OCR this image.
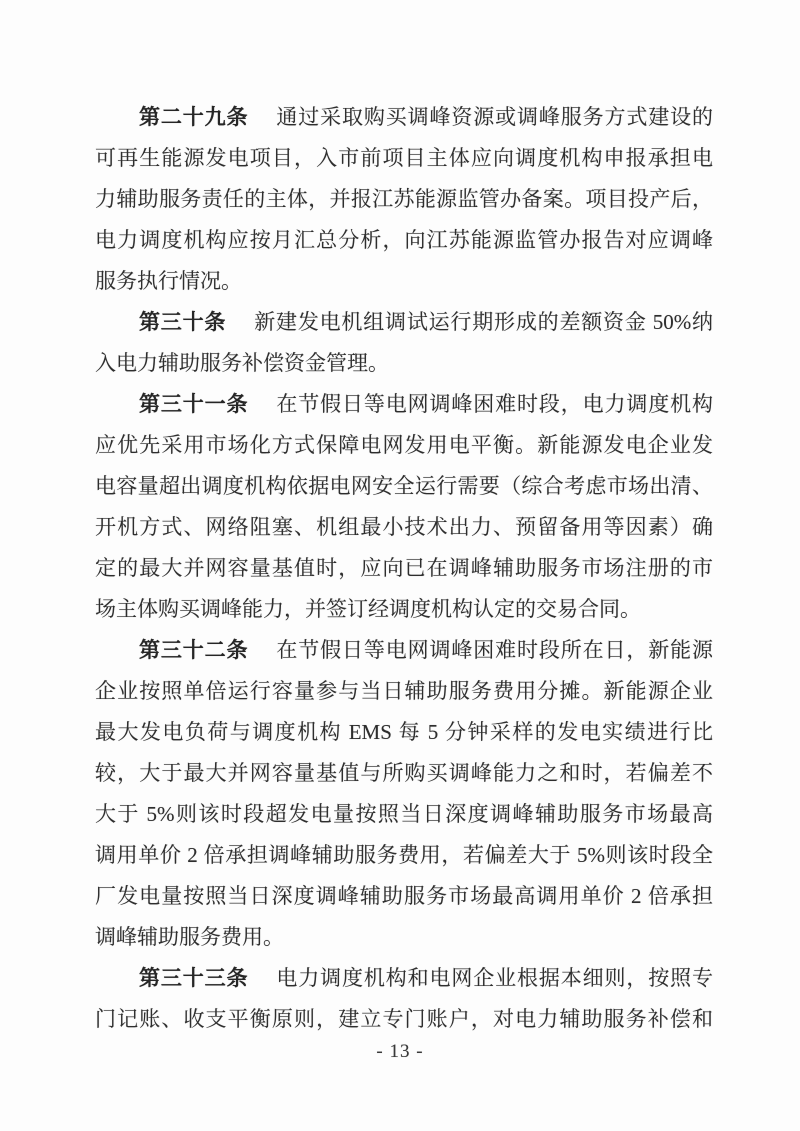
第二十九条 通过采取购买调峰资源或调峰服务方式建设的
可再生能源发电项目，入市前项目主体应向调度机构申报承担电
力辅助服务责任的主体，并报江苏能源监管办备案。项目投产后，
电力调度机构应按月汇总分析，向江苏能源监管办报告对应调峰
服务执行情况。
第三十条 新建发电机组调试运行期形成的差额资金 50%纳
入电力辅助服务补偿资金管理。
第三十一条 在节假日等电网调峰困难时段，电力调度机构
应优先采用市场化方式保障电网发用电平衡。新能源发电企业发
电容量超出调度机构依据电网安全运行需要（综合考虑市场出清、
开机方式、网络阻塞、机组最小技术出力、预留备用等因素）确
定的最大并网容量基值时，应向已在调峰辅助服务市场注册的市
场主体购买调峰能力，并签订经调度机构认定的交易合同。
第三十二条 在节假日等电网调峰困难时段所在日，新能源
企业按照单倍运行容量参与当日辅助服务费用分摊。新能源企业
最大发电负荷与调度机构 EMS 每 5 分钟采样的发电实绩进行比
较，大于最大并网容量基值与所购买调峰能力之和时，若偏差不
大于 5%则该时段超发电量按照当日深度调峰辅助服务市场最高
调用单价 2 倍承担调峰辅助服务费用，若偏差大于 5%则该时段全
厂发电量按照当日深度调峰辅助服务市场最高调用单价 2 倍承担
调峰辅助服务费用。
第三十三条 电力调度机构和电网企业根据本细则，按照专
门记账、收支平衡原则，建立专门账户，对电力辅助服务补偿和
- 13 -
